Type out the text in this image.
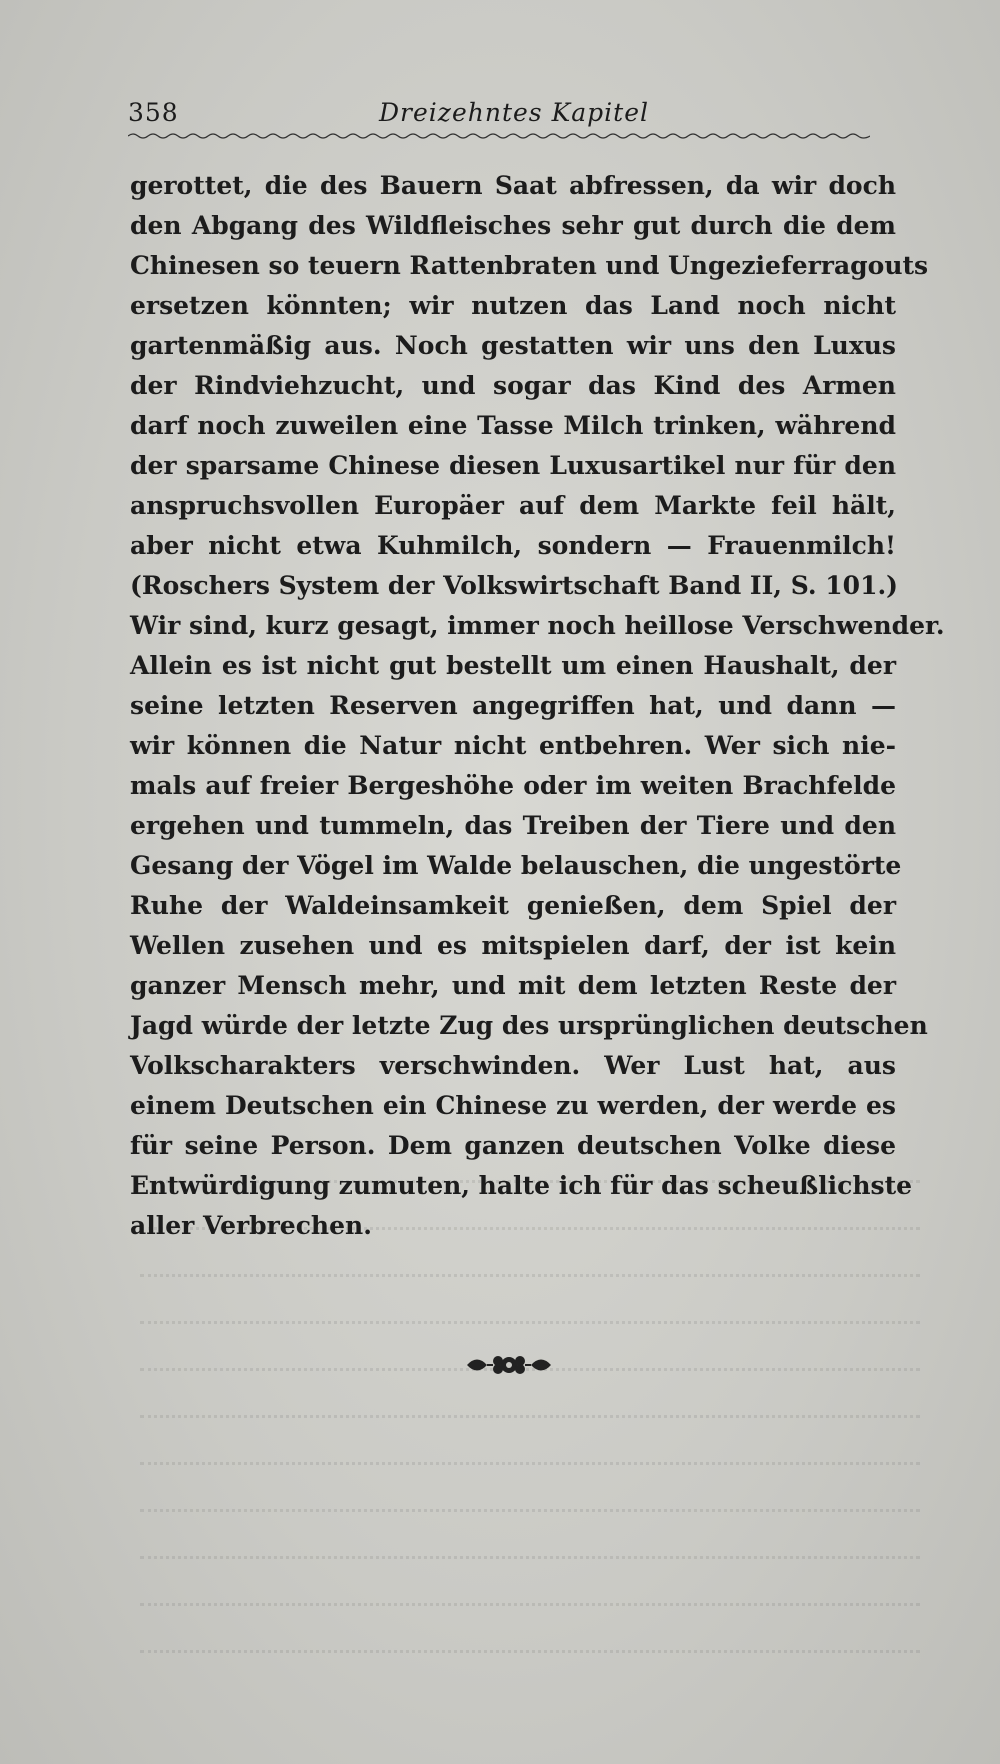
358	Dreizehntes Kapitel
gerottet, die des Bauern Saat abfressen, da wir doch
den Abgang des Wildfleisches sehr gut durch die dem
Chinesen so teuern Rattenbraten und Ungezieferragouts
ersetzen könnten; wir nutzen das Land noch nicht
gartenmäßig aus. Noch gestatten wir uns den Luxus
der Rindviehzucht, und sogar das Kind des Armen
darf noch zuweilen eine Tasse Milch trinken, während
der sparsame Chinese diesen Luxusartikel nur für den
anspruchsvollen Europäer auf dem Markte feil hält,
aber nicht etwa Kuhmilch, sondern — Frauenmilch!
(Roschers System der Volkswirtschaft Band II, S. 101.)
Wir sind, kurz gesagt, immer noch heillose Verschwender.
Allein es ist nicht gut bestellt um einen Haushalt, der
seine letzten Reserven angegriffen hat, und dann —
wir können die Natur nicht entbehren. Wer sich nie-
mals auf freier Bergeshöhe oder im weiten Brachfelde
ergehen und tummeln, das Treiben der Tiere und den
Gesang der Vögel im Walde belauschen, die ungestörte
Ruhe der Waldeinsamkeit genießen, dem Spiel der
Wellen zusehen und es mitspielen darf, der ist kein
ganzer Mensch mehr, und mit dem letzten Reste der
Jagd würde der letzte Zug des ursprünglichen deutschen
Volkscharakters verschwinden. Wer Lust hat, aus
einem Deutschen ein Chinese zu werden, der werde es
für seine Person. Dem ganzen deutschen Volke diese
Entwürdigung zumuten, halte ich für das scheußlichste
aller Verbrechen.
